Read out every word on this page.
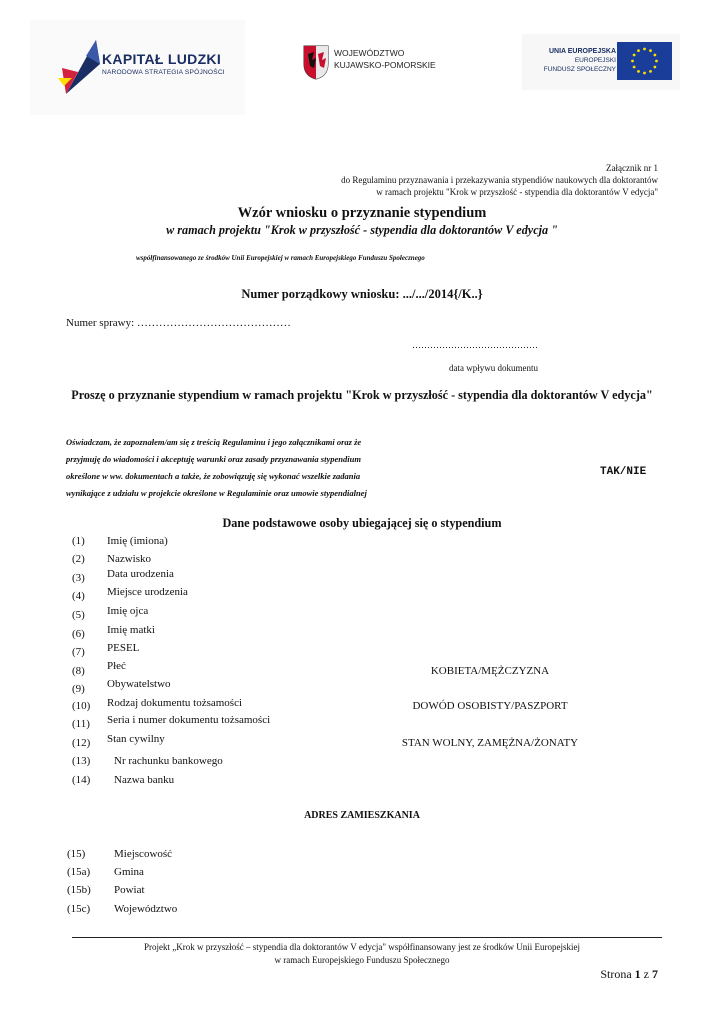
KAPITAŁ LUDZKI
NARODOWA STRATEGIA SPÓJNOŚCI
WOJEWÓDZTWO
KUJAWSKO-POMORSKIE
UNIA EUROPEJSKA
EUROPEJSKI
FUNDUSZ SPOŁECZNY
Załącznik nr 1
do Regulaminu przyznawania i przekazywania stypendiów naukowych dla doktorantów
w ramach projektu "Krok w przyszłość - stypendia dla doktorantów V edycja"
Wzór wniosku o przyznanie stypendium
w ramach projektu "Krok w przyszłość - stypendia dla doktorantów V edycja "
współfinansowanego ze środków Unii Europejskiej w ramach Europejskiego Funduszu Społecznego
Numer porządkowy wniosku: .../.../2014{/K..}
Numer sprawy: ……………………………………
……………………………………
data wpływu dokumentu
Proszę o przyznanie stypendium w ramach projektu "Krok w przyszłość - stypendia dla doktorantów V edycja"
Oświadczam, że zapoznałem/am się z treścią Regulaminu i jego załącznikami oraz że
przyjmuję do wiadomości i akceptuję warunki oraz zasady przyznawania stypendium
określone w ww. dokumentach a także, że zobowiązuję się wykonać wszelkie zadania
wynikające z udziału w projekcie określone w Regulaminie oraz umowie stypendialnej
TAK/NIE
Dane podstawowe osoby ubiegającej się o stypendium
(1) Imię (imiona)
(2) Nazwisko
(3) Data urodzenia
(4) Miejsce urodzenia
(5) Imię ojca
(6) Imię matki
(7) PESEL
(8) Płeć
(9) Obywatelstwo
(10) Rodzaj dokumentu tożsamości
(11) Seria i numer dokumentu tożsamości
(12) Stan cywilny
(13) Nr rachunku bankowego
(14) Nazwa banku
KOBIETA/MĘŻCZYZNA
DOWÓD OSOBISTY/PASZPORT
STAN WOLNY, ZAMĘŻNA/ŻONATY
ADRES ZAMIESZKANIA
(15)	Miejscowość
(15a) Gmina
(15b) Powiat
(15c) Województwo
Projekt „Krok w przyszłość – stypendia dla doktorantów V edycja" współfinansowany jest ze środków Unii Europejskiej
w ramach Europejskiego Funduszu Społecznego
Strona 1 z 7
